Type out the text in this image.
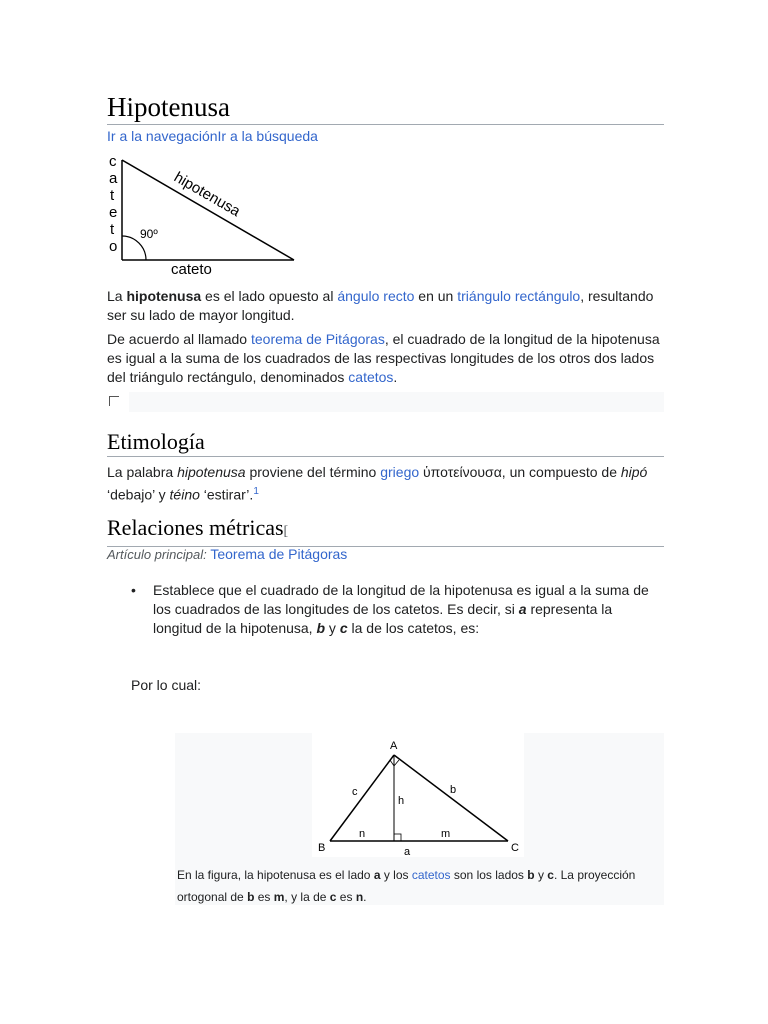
Hipotenusa
Ir a la navegaciónIr a la búsqueda
c
a
t
e
t
o
90º
hipotenusa
cateto

La hipotenusa es el lado opuesto al ángulo recto en un triángulo rectángulo, resultando ser su lado de mayor longitud.

De acuerdo al llamado teorema de Pitágoras, el cuadrado de la longitud de la hipotenusa es igual a la suma de los cuadrados de las respectivas longitudes de los otros dos lados del triángulo rectángulo, denominados catetos.

Etimología

La palabra hipotenusa proviene del término griego ὑποτείνουσα, un compuesto de hipó ‘debajo’ y téino ‘estirar’.$^1$

Relaciones métricas[
Artículo principal: Teorema de Pitágoras
• Establece que el cuadrado de la longitud de la hipotenusa es igual a la suma de los cuadrados de las longitudes de los catetos. Es decir, si a representa la longitud de la hipotenusa, b y c la de los catetos, es:

Por lo cual:

A
B	C
c	b
h
n	m
a
En la figura, la hipotenusa es el lado a y los catetos son los lados b y c. La proyección ortogonal de b es m, y la de c es n.
